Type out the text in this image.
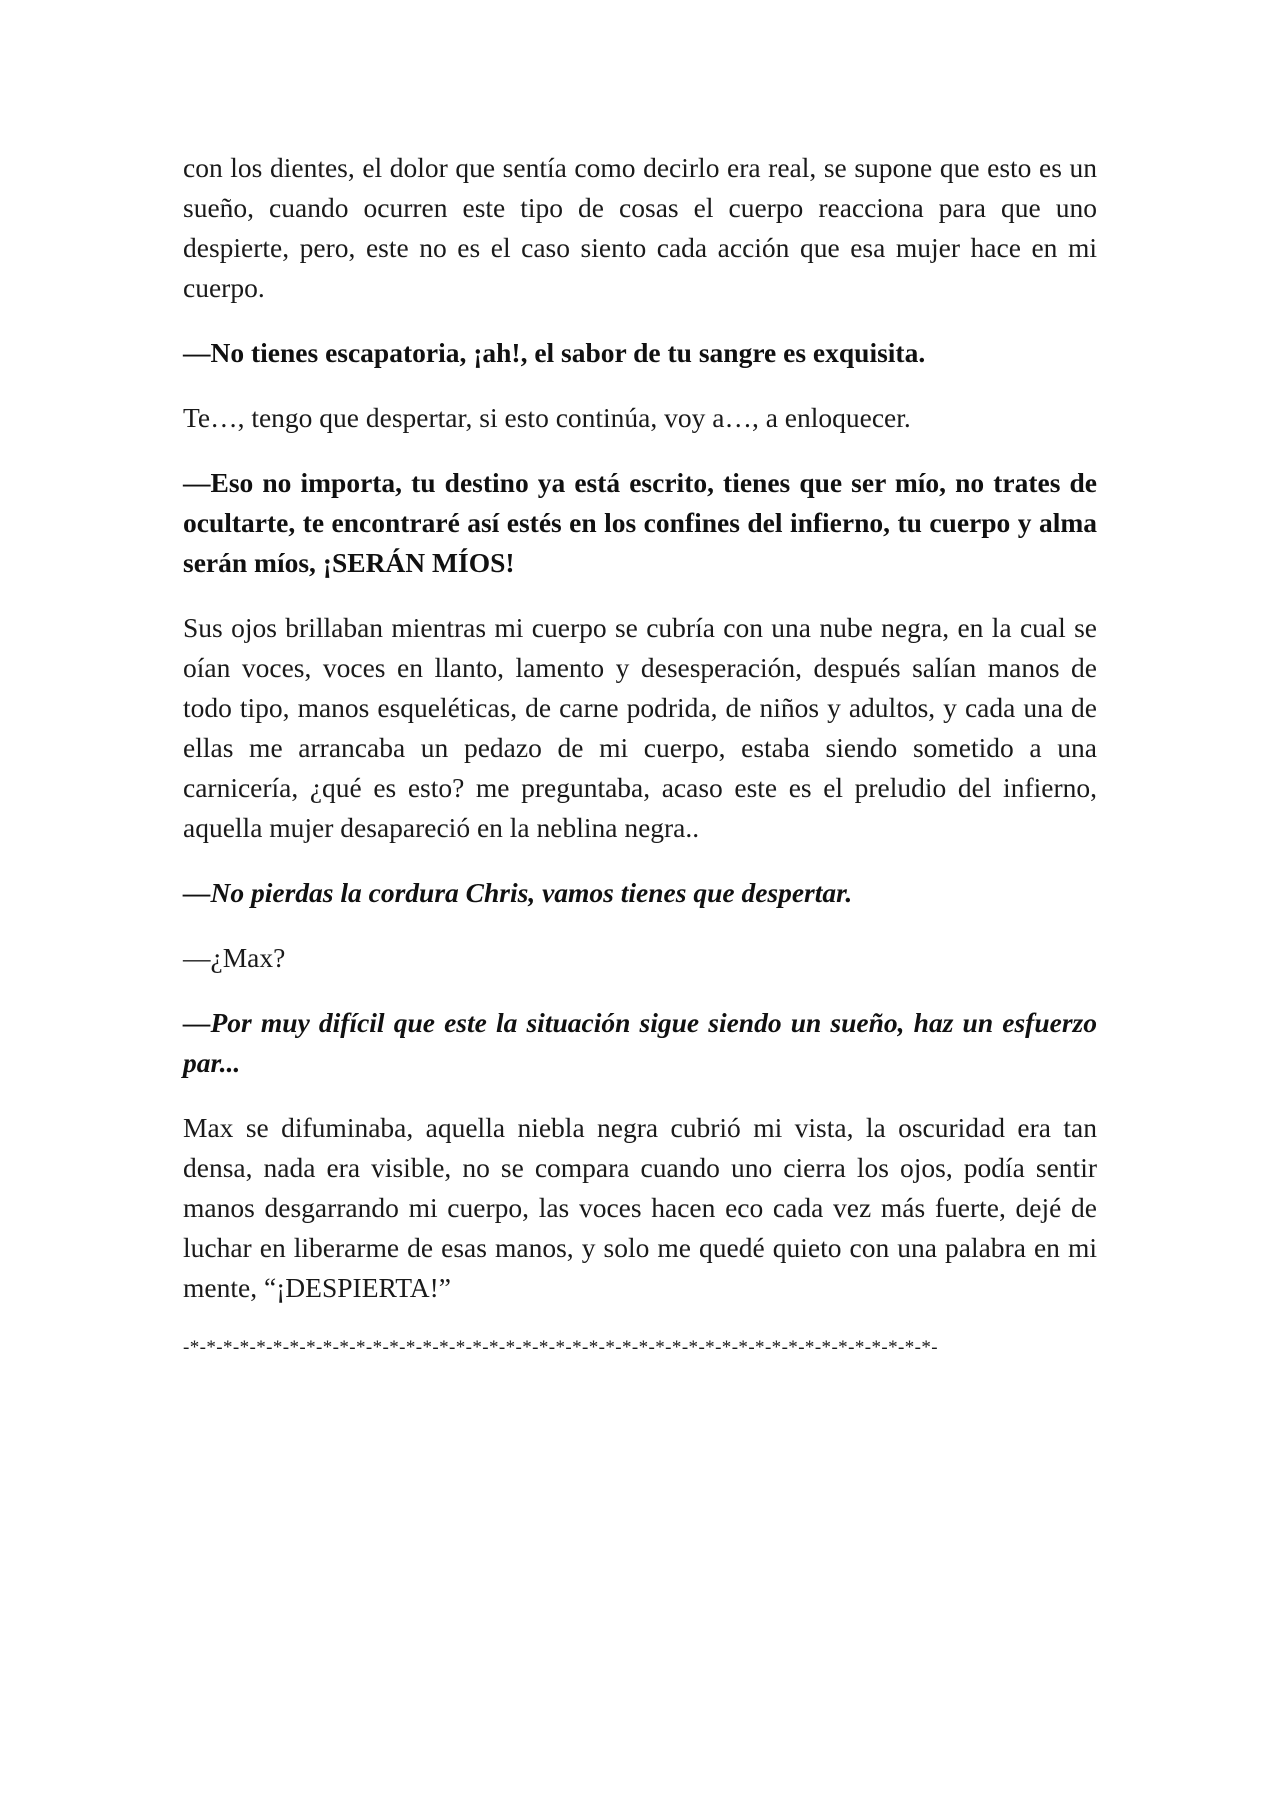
con los dientes, el dolor que sentía como decirlo era real, se supone que esto es un sueño, cuando ocurren este tipo de cosas el cuerpo reacciona para que uno despierte, pero, este no es el caso siento cada acción que esa mujer hace en mi cuerpo.

—No tienes escapatoria, ¡ah!, el sabor de tu sangre es exquisita.

Te…, tengo que despertar, si esto continúa, voy a…, a enloquecer.

—Eso no importa, tu destino ya está escrito, tienes que ser mío, no trates de ocultarte, te encontraré así estés en los confines del infierno, tu cuerpo y alma serán míos, ¡SERÁN MÍOS!

Sus ojos brillaban mientras mi cuerpo se cubría con una nube negra, en la cual se oían voces, voces en llanto, lamento y desesperación, después salían manos de todo tipo, manos esqueléticas, de carne podrida, de niños y adultos, y cada una de ellas me arrancaba un pedazo de mi cuerpo, estaba siendo sometido a una carnicería, ¿qué es esto? me preguntaba, acaso este es el preludio del infierno, aquella mujer desapareció en la neblina negra..

—No pierdas la cordura Chris, vamos tienes que despertar.

—¿Max?

—Por muy difícil que este la situación sigue siendo un sueño, haz un esfuerzo par...

Max se difuminaba, aquella niebla negra cubrió mi vista, la oscuridad era tan densa, nada era visible, no se compara cuando uno cierra los ojos, podía sentir manos desgarrando mi cuerpo, las voces hacen eco cada vez más fuerte, dejé de luchar en liberarme de esas manos, y solo me quedé quieto con una palabra en mi mente, “¡DESPIERTA!”

-*-*-*-*-*-*-*-*-*-*-*-*-*-*-*-*-*-*-*-*-*-*-*-*-*-*-*-*-*-*-*-*-*-*-*-*-*-*-*-*-*-*-*-*-*-
